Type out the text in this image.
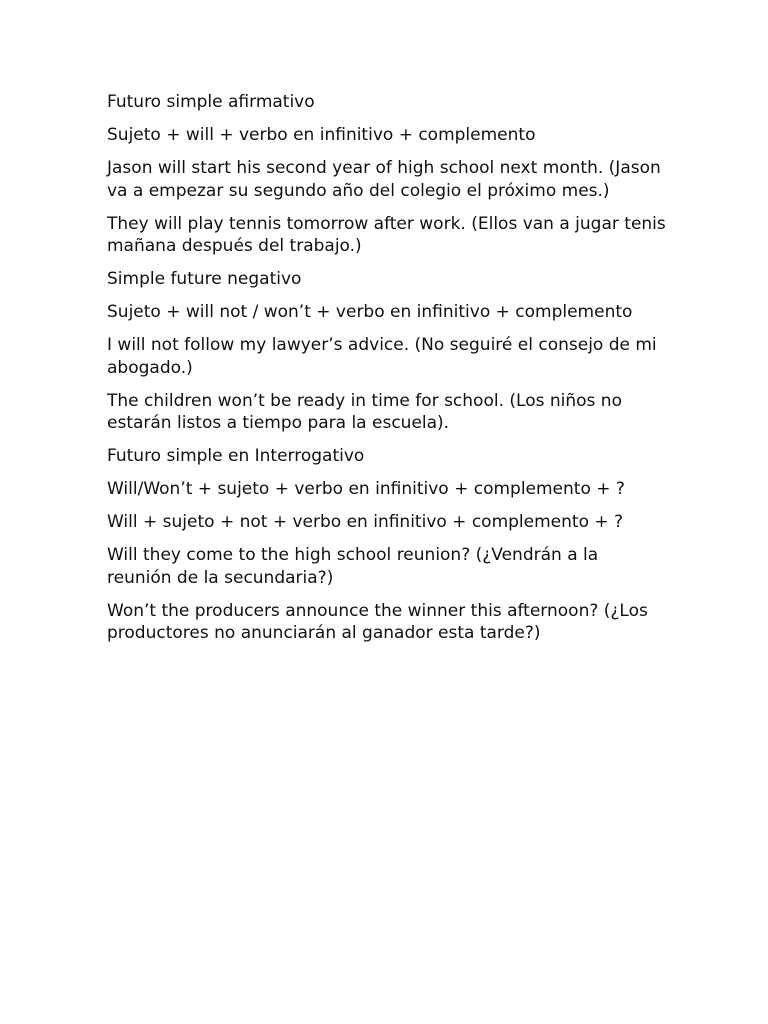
Futuro simple afirmativo

Sujeto + will + verbo en infinitivo + complemento

Jason will start his second year of high school next month. (Jason va a empezar su segundo año del colegio el próximo mes.)

They will play tennis tomorrow after work. (Ellos van a jugar tenis mañana después del trabajo.)

Simple future negativo

Sujeto + will not / won’t + verbo en infinitivo + complemento

I will not follow my lawyer’s advice. (No seguiré el consejo de mi abogado.)

The children won’t be ready in time for school. (Los niños no estarán listos a tiempo para la escuela).

Futuro simple en Interrogativo

Will/Won’t + sujeto + verbo en infinitivo + complemento + ?

Will + sujeto + not + verbo en infinitivo + complemento + ?

Will they come to the high school reunion? (¿Vendrán a la reunión de la secundaria?)

Won’t the producers announce the winner this afternoon? (¿Los productores no anunciarán al ganador esta tarde?)
